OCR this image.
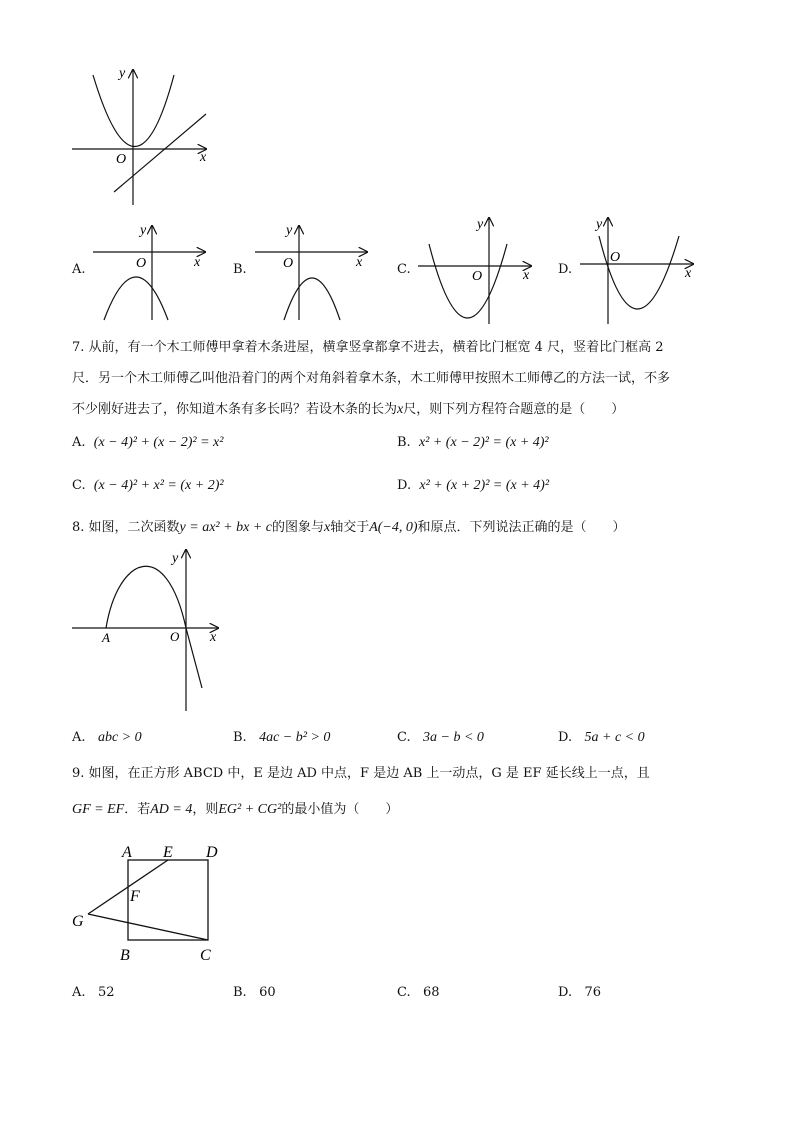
y
x
O
A.
y
x
O	B.
y
x
O	C.
y
x
O	D.
y
x
O
7. 从前，有一个木工师傅甲拿着木条进屋，横拿竖拿都拿不进去，横着比门框宽 4 尺，竖着比门框高 2
尺．另一个木工师傅乙叫他沿着门的两个对角斜着拿木条，木工师傅甲按照木工师傅乙的方法一试，不多
不少刚好进去了，你知道木条有多长吗？若设木条的长为x尺，则下列方程符合题意的是（　　）
A. (x − 4)² + (x − 2)² = x²	B. x² + (x − 2)² = (x + 4)²
C. (x − 4)² + x² = (x + 2)²	D. x² + (x + 2)² = (x + 4)²
8. 如图，二次函数y = ax² + bx + c的图象与x轴交于A(−4, 0)和原点．下列说法正确的是（　　）
y
x
O
A
A. abc > 0	B. 4ac − b² > 0	C. 3a − b < 0	D. 5a + c < 0
9. 如图，在正方形 ABCD 中，E 是边 AD 中点，F 是边 AB 上一动点，G 是 EF 延长线上一点，且
GF = EF．若AD = 4，则EG² + CG²的最小值为（　　）
A E D
F
G
B	C
A. 52	B. 60	C. 68	D. 76
